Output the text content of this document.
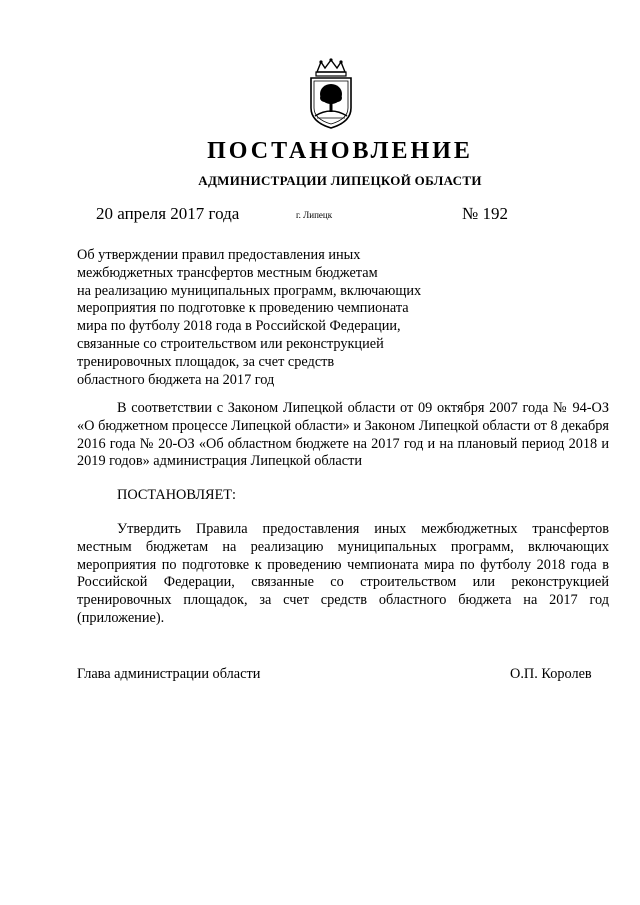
ПОСТАНОВЛЕНИЕ
АДМИНИСТРАЦИИ ЛИПЕЦКОЙ ОБЛАСТИ
20 апреля 2017 года	г. Липецк	№ 192
Об утверждении правил предоставления иных
межбюджетных трансфертов местным бюджетам
на реализацию муниципальных программ, включающих
мероприятия по подготовке к проведению чемпионата
мира по футболу 2018 года в Российской Федерации,
связанные со строительством или реконструкцией
тренировочных площадок, за счет средств
областного бюджета на 2017 год
В соответствии с Законом Липецкой области от 09 октября 2007 года № 94-ОЗ «О бюджетном процессе Липецкой области» и Законом Липецкой области от 8 декабря 2016 года № 20-ОЗ «Об областном бюджете на 2017 год и на плановый период 2018 и 2019 годов» администрация Липецкой области
ПОСТАНОВЛЯЕТ:
Утвердить Правила предоставления иных межбюджетных трансфертов местным бюджетам на реализацию муниципальных программ, включающих мероприятия по подготовке к проведению чемпионата мира по футболу 2018 года в Российской Федерации, связанные со строительством или реконструкцией тренировочных площадок, за счет средств областного бюджета на 2017 год (приложение).
Глава администрации области	О.П. Королев
